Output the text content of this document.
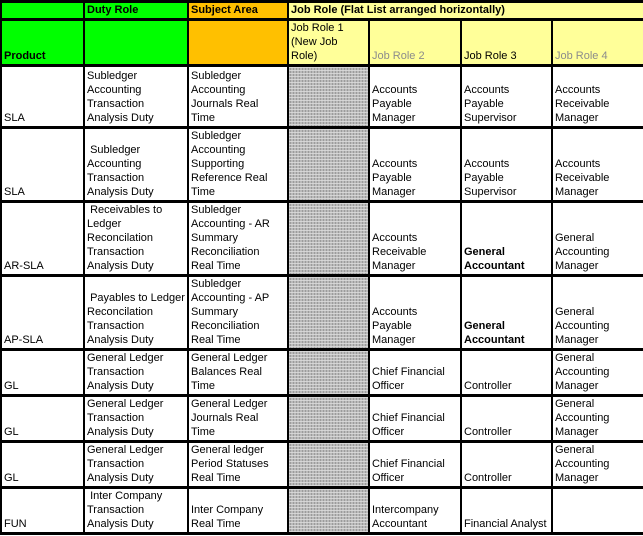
	Duty Role	Subject Area	Job Role (Flat List arranged horizontally)			
Product			Job Role 1 (New Job Role)	Job Role 2	Job Role 3	Job Role 4
SLA	Subledger Accounting Transaction Analysis Duty	Subledger Accounting Journals Real Time		Accounts Payable Manager	Accounts Payable Supervisor	Accounts Receivable Manager
SLA	Subledger Accounting Transaction Analysis Duty	Subledger Accounting Supporting Reference Real Time		Accounts Payable Manager	Accounts Payable Supervisor	Accounts Receivable Manager
AR-SLA	Receivables to Ledger Reconcilation Transaction Analysis Duty	Subledger Accounting - AR Summary Reconciliation Real Time		Accounts Receivable Manager	General Accountant	General Accounting Manager
AP-SLA	Payables to Ledger Reconcilation Transaction Analysis Duty	Subledger Accounting - AP Summary Reconciliation Real Time		Accounts Payable Manager	General Accountant	General Accounting Manager
GL	General Ledger Transaction Analysis Duty	General Ledger Balances Real Time		Chief Financial Officer	Controller	General Accounting Manager
GL	General Ledger Transaction Analysis Duty	General Ledger Journals Real Time		Chief Financial Officer	Controller	General Accounting Manager
GL	General Ledger Transaction Analysis Duty	General ledger Period Statuses Real Time		Chief Financial Officer	Controller	General Accounting Manager
FUN	Inter Company Transaction Analysis Duty	Inter Company Real Time		Intercompany Accountant	Financial Analyst	
